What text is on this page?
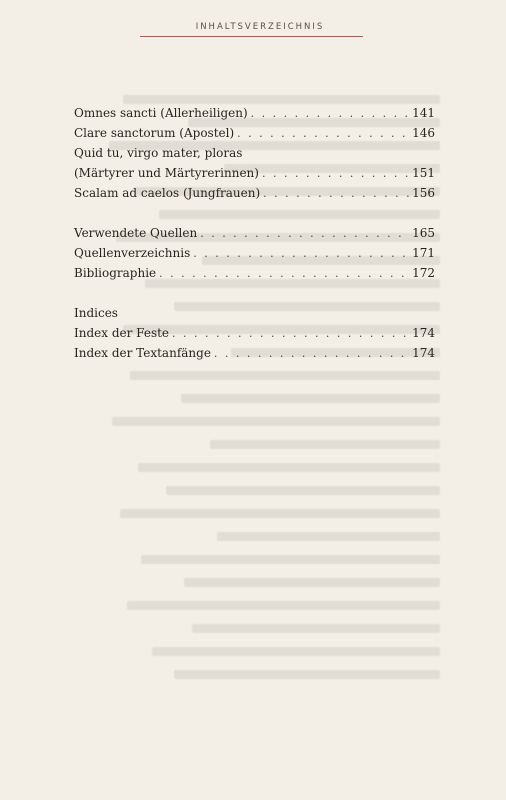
INHALTSVERZEICHNIS
Omnes sancti (Allerheiligen) . . .	141
Clare sanctorum (Apostel) . . .	146
Quid tu, virgo mater, ploras
(Märtyrer und Märtyrerinnen) . . .	151
Scalam ad caelos (Jungfrauen) . . .	156
Verwendete Quellen . . .	165
Quellenverzeichnis . . .	171
Bibliographie . . .	172
Indices
Index der Feste . . .	174
Index der Textanfänge . . .	174
